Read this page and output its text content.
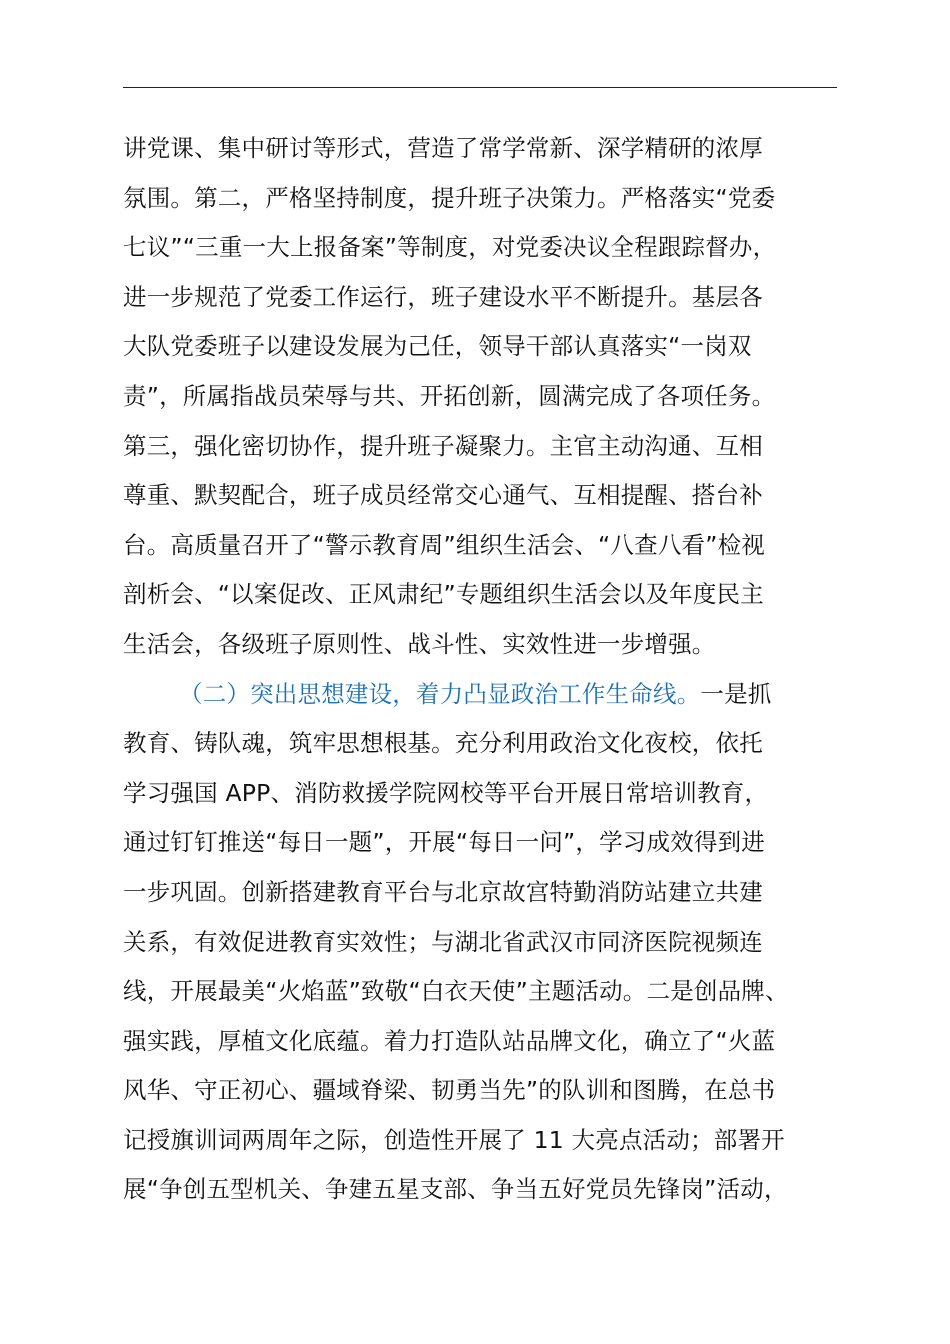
讲党课、集中研讨等形式，营造了常学常新、深学精研的浓厚
氛围。第二，严格坚持制度，提升班子决策力。严格落实“党委
七议”“三重一大上报备案”等制度，对党委决议全程跟踪督办，
进一步规范了党委工作运行，班子建设水平不断提升。基层各
大队党委班子以建设发展为己任，领导干部认真落实“一岗双
责”，所属指战员荣辱与共、开拓创新，圆满完成了各项任务。
第三，强化密切协作，提升班子凝聚力。主官主动沟通、互相
尊重、默契配合，班子成员经常交心通气、互相提醒、搭台补
台。高质量召开了“警示教育周”组织生活会、“八查八看”检视
剖析会、“以案促改、正风肃纪”专题组织生活会以及年度民主
生活会，各级班子原则性、战斗性、实效性进一步增强。
（二）突出思想建设，着力凸显政治工作生命线。一是抓
教育、铸队魂，筑牢思想根基。充分利用政治文化夜校，依托
学习强国 APP、消防救援学院网校等平台开展日常培训教育，
通过钉钉推送“每日一题”，开展“每日一问”，学习成效得到进
一步巩固。创新搭建教育平台与北京故宫特勤消防站建立共建
关系，有效促进教育实效性；与湖北省武汉市同济医院视频连
线，开展最美“火焰蓝”致敬“白衣天使”主题活动。二是创品牌、
强实践，厚植文化底蕴。着力打造队站品牌文化，确立了“火蓝
风华、守正初心、疆域脊梁、韧勇当先”的队训和图腾，在总书
记授旗训词两周年之际，创造性开展了 11 大亮点活动；部署开
展“争创五型机关、争建五星支部、争当五好党员先锋岗”活动，
